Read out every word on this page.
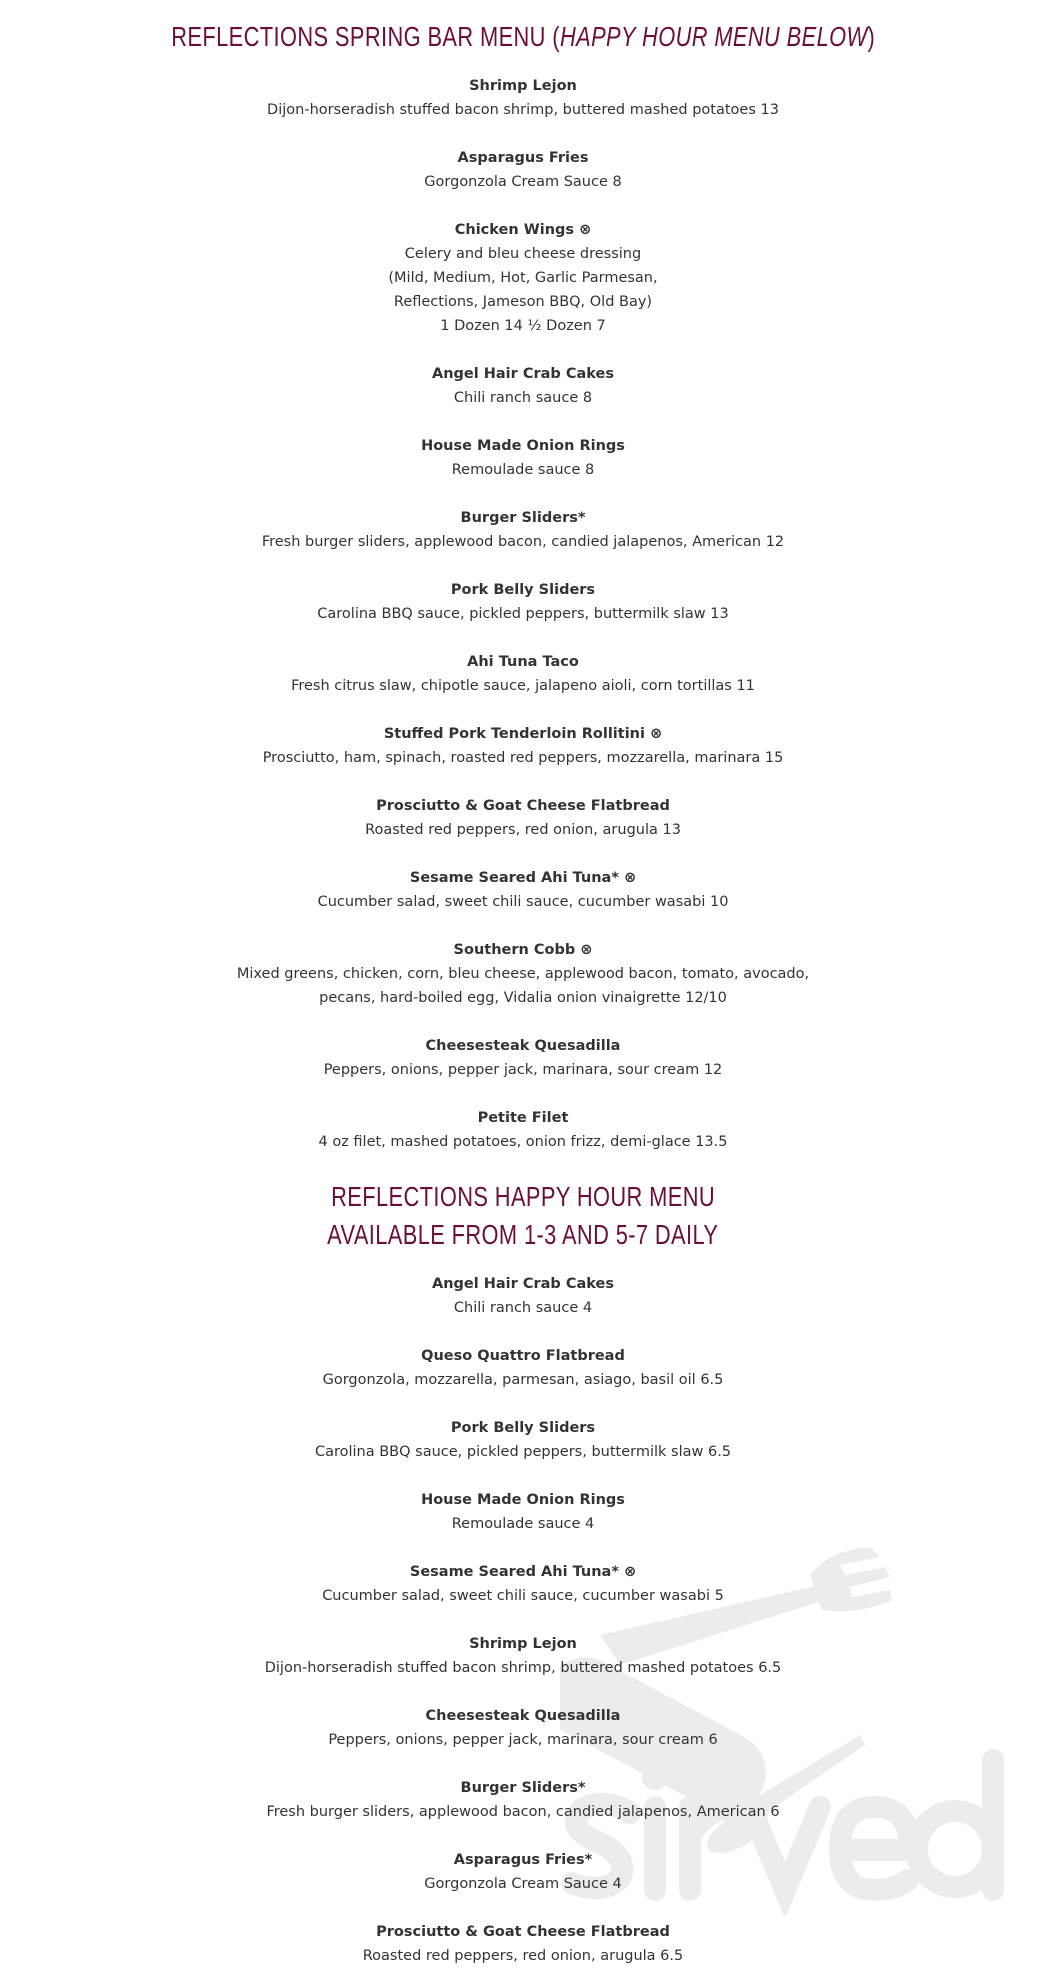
REFLECTIONS SPRING BAR MENU (HAPPY HOUR MENU BELOW)
Shrimp Lejon
Dijon-horseradish stuffed bacon shrimp, buttered mashed potatoes 13
Asparagus Fries
Gorgonzola Cream Sauce 8
Chicken Wings ⊗
Celery and bleu cheese dressing
(Mild, Medium, Hot, Garlic Parmesan,
Reflections, Jameson BBQ, Old Bay)
1 Dozen 14 ½ Dozen 7
Angel Hair Crab Cakes
Chili ranch sauce 8
House Made Onion Rings
Remoulade sauce 8
Burger Sliders*
Fresh burger sliders, applewood bacon, candied jalapenos, American 12
Pork Belly Sliders
Carolina BBQ sauce, pickled peppers, buttermilk slaw 13
Ahi Tuna Taco
Fresh citrus slaw, chipotle sauce, jalapeno aioli, corn tortillas 11
Stuffed Pork Tenderloin Rollitini ⊗
Prosciutto, ham, spinach, roasted red peppers, mozzarella, marinara 15
Prosciutto & Goat Cheese Flatbread
Roasted red peppers, red onion, arugula 13
Sesame Seared Ahi Tuna* ⊗
Cucumber salad, sweet chili sauce, cucumber wasabi 10
Southern Cobb ⊗
Mixed greens, chicken, corn, bleu cheese, applewood bacon, tomato, avocado,
pecans, hard-boiled egg, Vidalia onion vinaigrette 12/10
Cheesesteak Quesadilla
Peppers, onions, pepper jack, marinara, sour cream 12
Petite Filet
4 oz filet, mashed potatoes, onion frizz, demi-glace 13.5
REFLECTIONS HAPPY HOUR MENU
AVAILABLE FROM 1-3 AND 5-7 DAILY
Angel Hair Crab Cakes
Chili ranch sauce 4
Queso Quattro Flatbread
Gorgonzola, mozzarella, parmesan, asiago, basil oil 6.5
Pork Belly Sliders
Carolina BBQ sauce, pickled peppers, buttermilk slaw 6.5
House Made Onion Rings
Remoulade sauce 4
Sesame Seared Ahi Tuna* ⊗
Cucumber salad, sweet chili sauce, cucumber wasabi 5
Shrimp Lejon
Dijon-horseradish stuffed bacon shrimp, buttered mashed potatoes 6.5
Cheesesteak Quesadilla
Peppers, onions, pepper jack, marinara, sour cream 6
Burger Sliders*
Fresh burger sliders, applewood bacon, candied jalapenos, American 6
Asparagus Fries*
Gorgonzola Cream Sauce 4
Prosciutto & Goat Cheese Flatbread
Roasted red peppers, red onion, arugula 6.5
